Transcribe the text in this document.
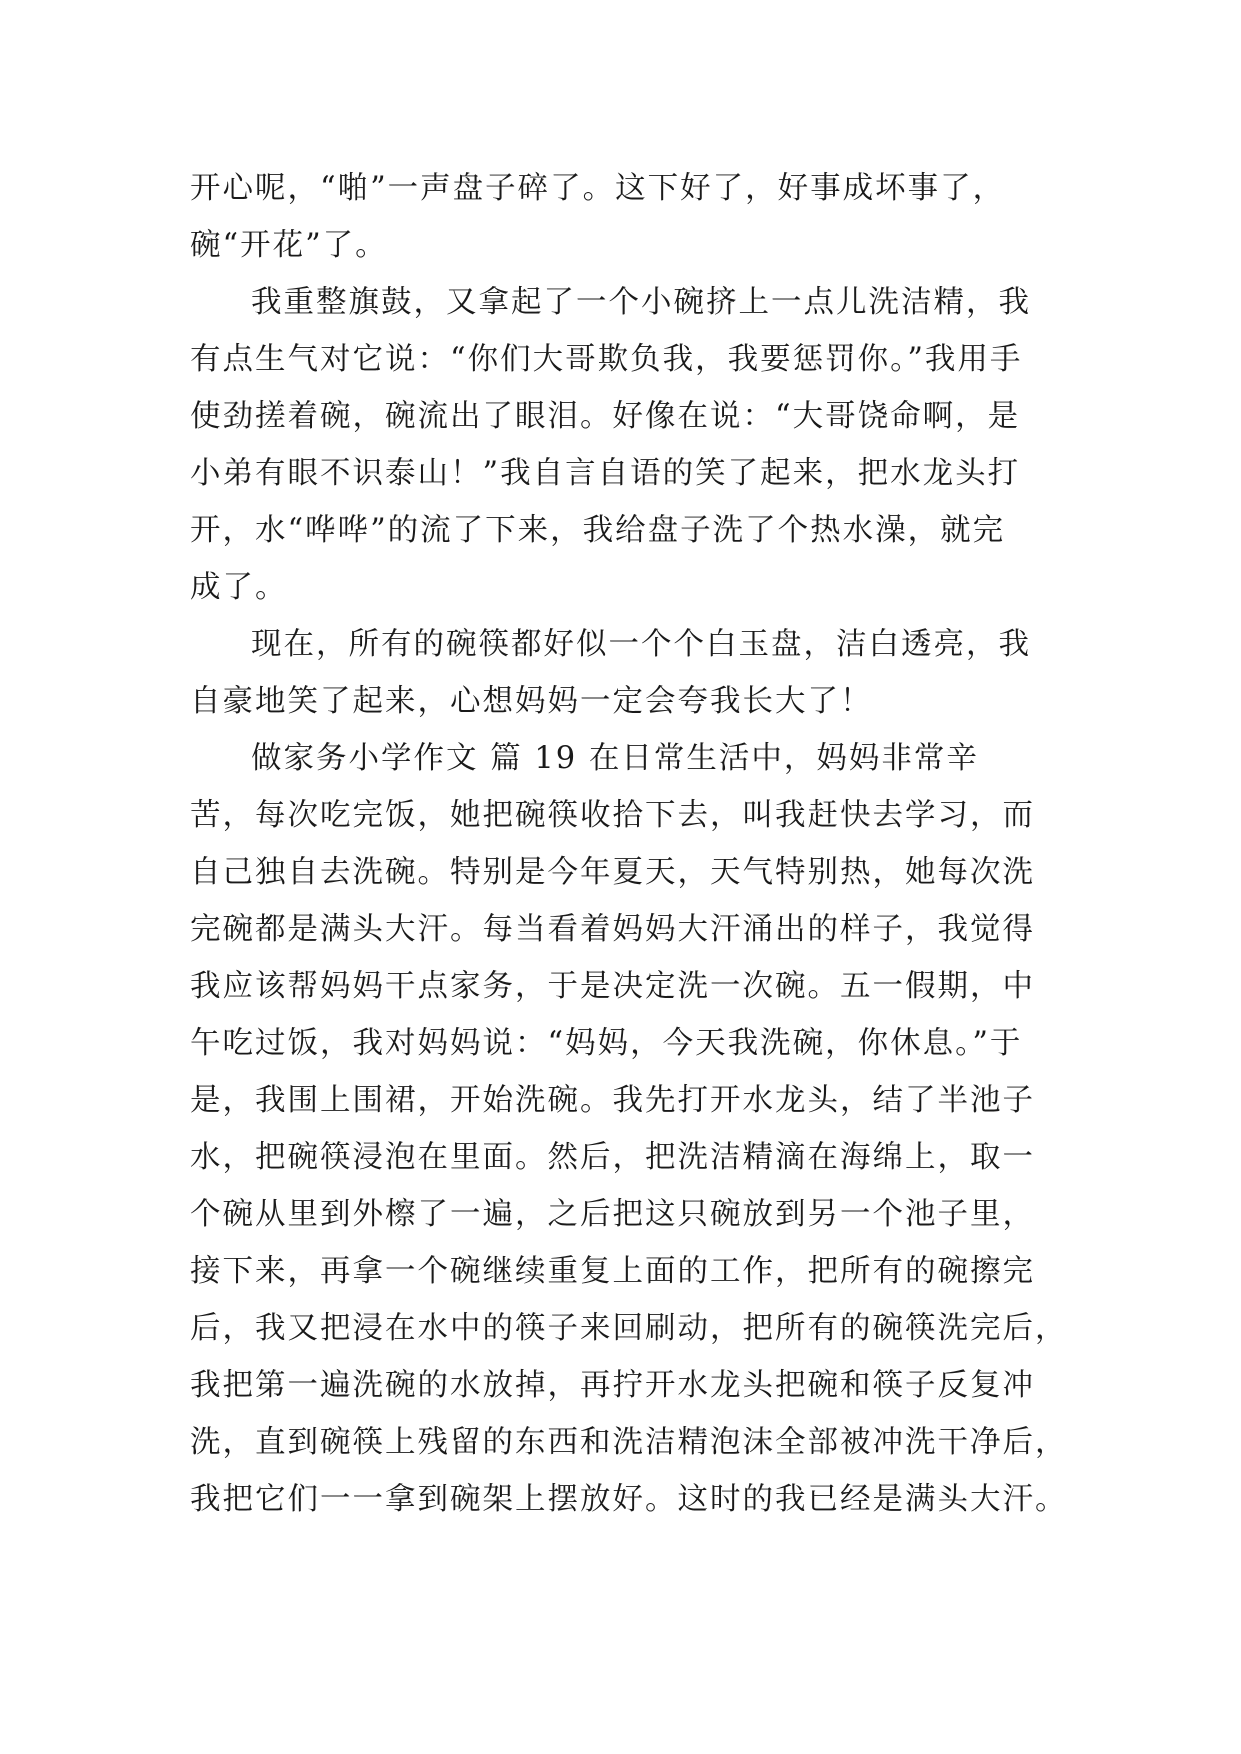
开心呢，“啪”一声盘子碎了。这下好了，好事成坏事了，
碗“开花”了。
我重整旗鼓，又拿起了一个小碗挤上一点儿洗洁精，我
有点生气对它说：“你们大哥欺负我，我要惩罚你。”我用手
使劲搓着碗，碗流出了眼泪。好像在说：“大哥饶命啊，是
小弟有眼不识泰山！”我自言自语的笑了起来，把水龙头打
开，水“哗哗”的流了下来，我给盘子洗了个热水澡，就完
成了。
现在，所有的碗筷都好似一个个白玉盘，洁白透亮，我
自豪地笑了起来，心想妈妈一定会夸我长大了！
做家务小学作文 篇 19 在日常生活中，妈妈非常辛
苦，每次吃完饭，她把碗筷收拾下去，叫我赶快去学习，而
自己独自去洗碗。特别是今年夏天，天气特别热，她每次洗
完碗都是满头大汗。每当看着妈妈大汗涌出的样子，我觉得
我应该帮妈妈干点家务，于是决定洗一次碗。五一假期，中
午吃过饭，我对妈妈说：“妈妈，今天我洗碗，你休息。”于
是，我围上围裙，开始洗碗。我先打开水龙头，结了半池子
水，把碗筷浸泡在里面。然后，把洗洁精滴在海绵上，取一
个碗从里到外檫了一遍，之后把这只碗放到另一个池子里，
接下来，再拿一个碗继续重复上面的工作，把所有的碗擦完
后，我又把浸在水中的筷子来回刷动，把所有的碗筷洗完后，
我把第一遍洗碗的水放掉，再拧开水龙头把碗和筷子反复冲
洗，直到碗筷上残留的东西和洗洁精泡沫全部被冲洗干净后，
我把它们一一拿到碗架上摆放好。这时的我已经是满头大汗。
